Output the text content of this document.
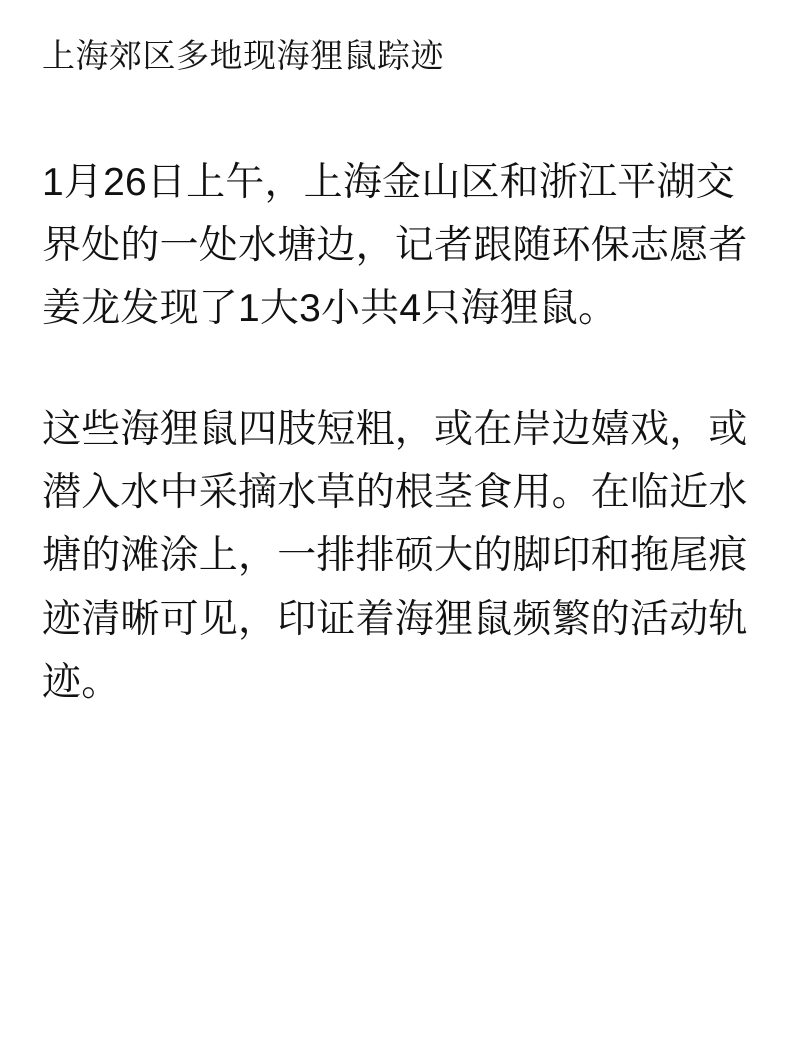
上海郊区多地现海狸鼠踪迹

1月26日上午，上海金山区和浙江平湖交界处的一处水塘边，记者跟随环保志愿者姜龙发现了1大3小共4只海狸鼠。

这些海狸鼠四肢短粗，或在岸边嬉戏，或潜入水中采摘水草的根茎食用。在临近水塘的滩涂上，一排排硕大的脚印和拖尾痕迹清晰可见，印证着海狸鼠频繁的活动轨迹。
